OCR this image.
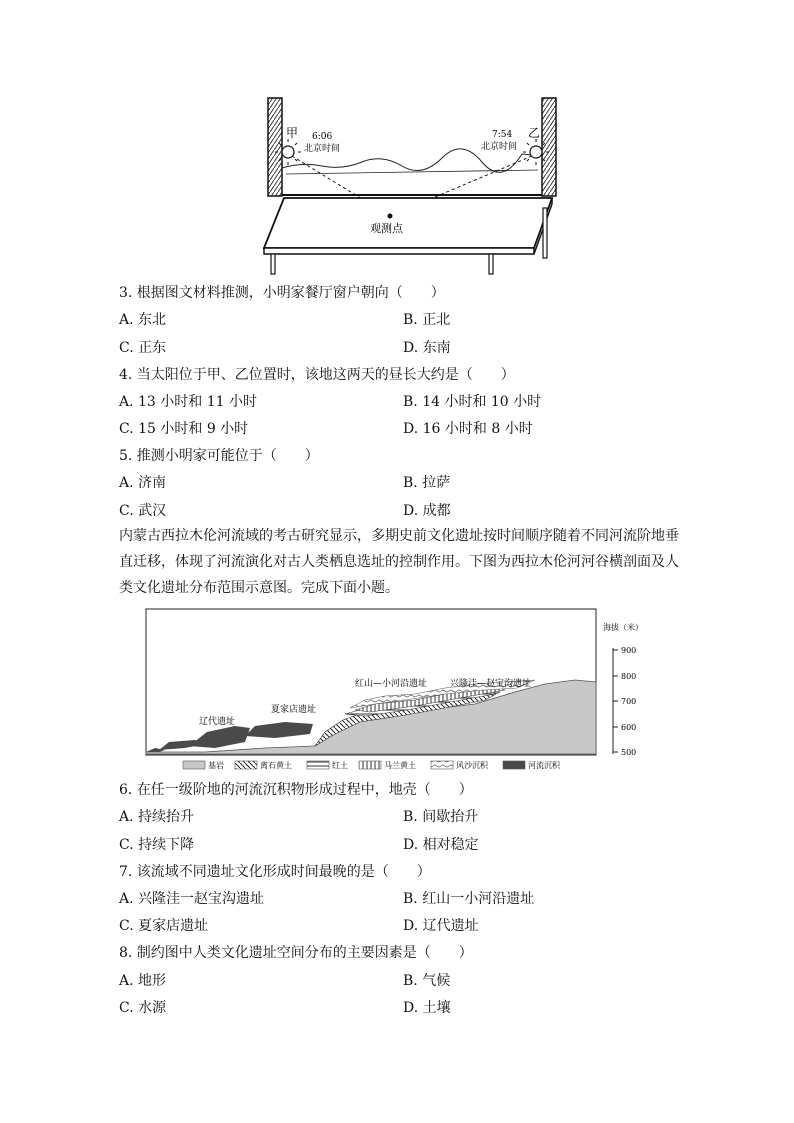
甲	乙
6:06
北京时间
7:54
北京时间
观测点
3. 根据图文材料推测，小明家餐厅窗户朝向（　　）
A. 东北	B. 正北
C. 正东	D. 东南
4. 当太阳位于甲、乙位置时，该地这两天的昼长大约是（　　）
A. 13 小时和 11 小时	B. 14 小时和 10 小时
C. 15 小时和 9 小时	D. 16 小时和 8 小时
5. 推测小明家可能位于（　　）
A. 济南	B. 拉萨
C. 武汉	D. 成都
内蒙古西拉木伦河流域的考古研究显示，多期史前文化遗址按时间顺序随着不同河流阶地垂
直迁移，体现了河流演化对古人类栖息选址的控制作用。下图为西拉木伦河河谷横剖面及人
类文化遗址分布范围示意图。完成下面小题。
辽代遗址
夏家店遗址
红山—小河沿遗址	兴隆洼—赵宝沟遗址
海拔（米）
900
800
700
600
500
基岩	离石黄土	红土	马兰黄土	风沙沉积	河流沉积
6. 在任一级阶地的河流沉积物形成过程中，地壳（　　）
A. 持续抬升	B. 间歇抬升
C. 持续下降	D. 相对稳定
7. 该流域不同遗址文化形成时间最晚的是（　　）
A. 兴隆洼一赵宝沟遗址	B. 红山一小河沿遗址
C. 夏家店遗址	D. 辽代遗址
8. 制约图中人类文化遗址空间分布的主要因素是（　　）
A. 地形	B. 气候
C. 水源	D. 土壤
